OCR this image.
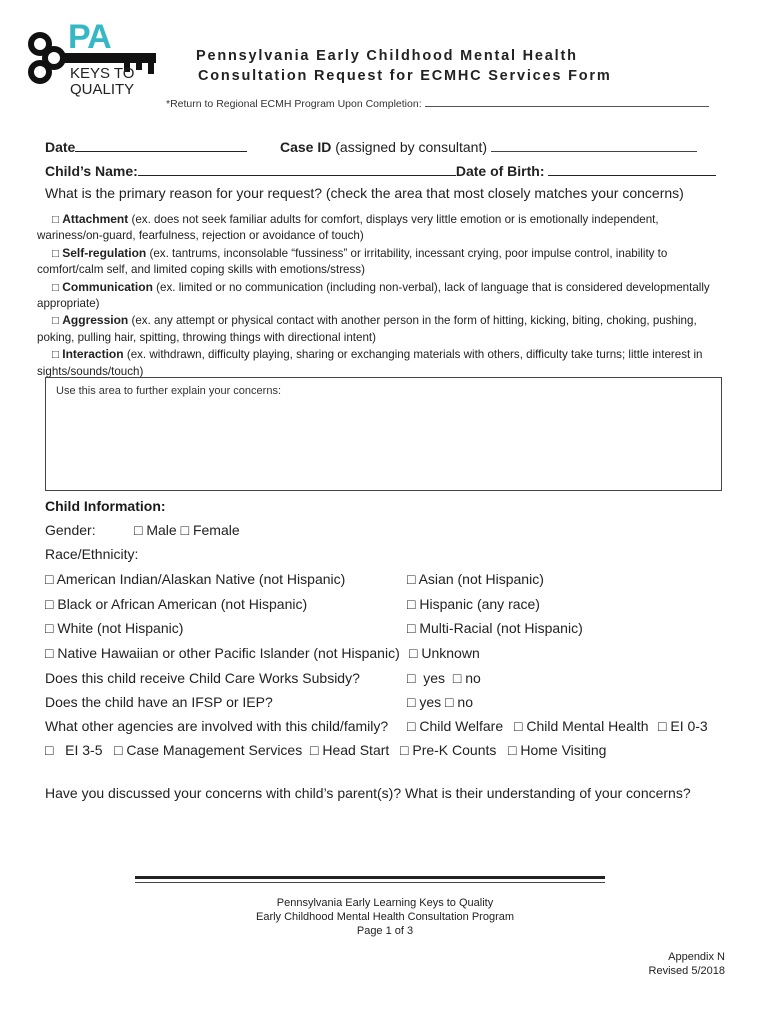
PA
KEYS TO
QUALITY
Pennsylvania Early Childhood Mental Health
Consultation Request for ECMHC Services Form
*Return to Regional ECMH Program Upon Completion:
Date	Case ID (assigned by consultant)
Child’s Name:	Date of Birth:
What is the primary reason for your request? (check the area that most closely matches your concerns)

□ Attachment (ex. does not seek familiar adults for comfort, displays very little emotion or is emotionally independent,

wariness/on-guard, fearfulness, rejection or avoidance of touch)

□ Self-regulation (ex. tantrums, inconsolable “fussiness” or irritability, incessant crying, poor impulse control, inability to

comfort/calm self, and limited coping skills with emotions/stress)

□ Communication (ex. limited or no communication (including non-verbal), lack of language that is considered developmentally

appropriate)

□ Aggression (ex. any attempt or physical contact with another person in the form of hitting, kicking, biting, choking, pushing,

poking, pulling hair, spitting, throwing things with directional intent)

□ Interaction (ex. withdrawn, difficulty playing, sharing or exchanging materials with others, difficulty take turns; little interest in

sights/sounds/touch)

Use this area to further explain your concerns:
Child Information:
Gender:	□ Male □ Female
Race/Ethnicity:
□ American Indian/Alaskan Native (not Hispanic)	□ Asian (not Hispanic)
□ Black or African American (not Hispanic)	□ Hispanic (any race)
□ White (not Hispanic)	□ Multi-Racial (not Hispanic)
□ Native Hawaiian or other Pacific Islander (not Hispanic) □ Unknown
Does this child receive Child Care Works Subsidy?	□ yes □ no
Does the child have an IFSP or IEP?	□ yes □ no
What other agencies are involved with this child/family? □ Child Welfare □ Child Mental Health □ EI 0-3
□ EI 3-5 □ Case Management Services □ Head Start □ Pre-K Counts □ Home Visiting
Have you discussed your concerns with child’s parent(s)? What is their understanding of your concerns?
Pennsylvania Early Learning Keys to Quality
Early Childhood Mental Health Consultation Program
Page 1 of 3
Appendix N
Revised 5/2018
